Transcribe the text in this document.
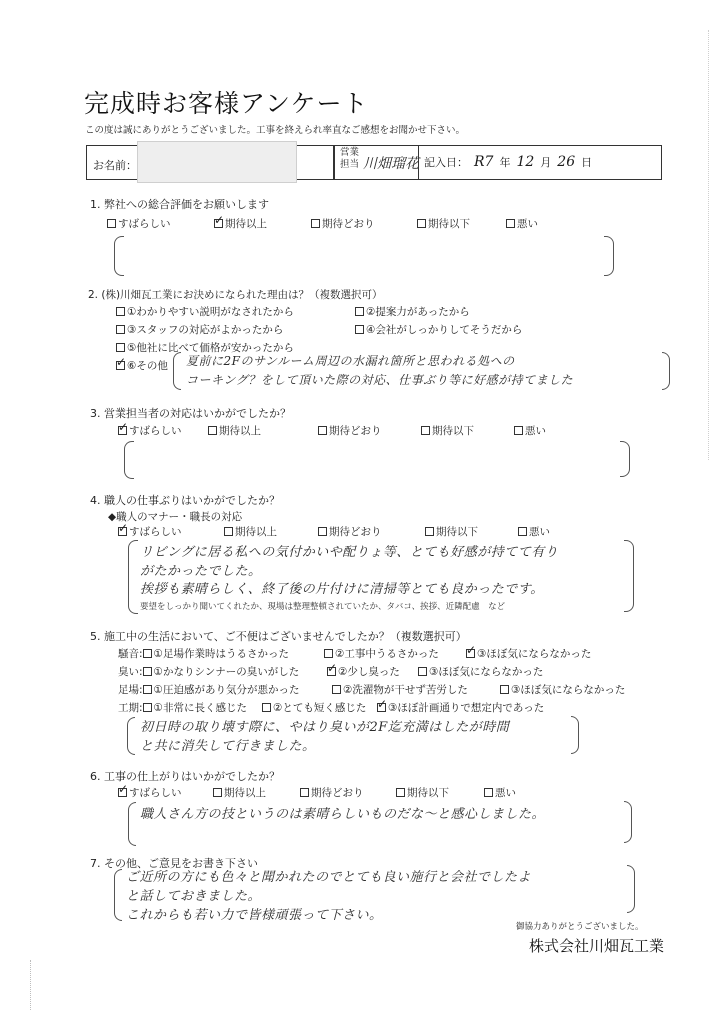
完成時お客様アンケート
この度は誠にありがとうございました。工事を終えられ率直なご感想をお聞かせ下さい。
お名前：
営業担当 川畑瑠花 記入日： R7 年 12 月 26 日
1. 弊社への総合評価をお願いします
すばらしい ✓	期待以上	期待どおり	期待以下	悪い
2. (株)川畑瓦工業にお決めになられた理由は？（複数選択可）
①わかりやすい説明がなされたから	②提案力があったから
③スタッフの対応がよかったから	④会社がしっかりしてそうだから
⑤他社に比べて価格が安かったから
✓⑥その他 夏前に2Fのサンルーム周辺の水漏れ箇所と思われる処への
コーキング？をして頂いた際の対応、仕事ぶり等に好感が持てました
3. 営業担当者の対応はいかがでしたか？
✓すばらしい	期待以上	期待どおり	期待以下	悪い
4. 職人の仕事ぶりはいかがでしたか？
◆職人のマナー・職長の対応
✓すばらしい	期待以上	期待どおり	期待以下	悪い
リビングに居る私への気付かいや配りょ等、とても好感が持てて有り
がたかったでした。
挨拶も素晴らしく、終了後の片付けに清掃等とても良かったです。
要望をしっかり聞いてくれたか、現場は整理整頓されていたか、タバコ、挨拶、近隣配慮　など
5. 施工中の生活において、ご不便はございませんでしたか？（複数選択可）
騒音: ①足場作業時はうるさかった	②工事中うるさかった ✓	③ほぼ気にならなかった
臭い: ①かなりシンナーの臭いがした ✓	②少し臭った	③ほぼ気にならなかった
足場: ①圧迫感があり気分が悪かった	②洗濯物が干せず苦労した	③ほぼ気にならなかった
工期: ①非常に長く感じた	②とても短く感じた ✓	③ほぼ計画通りで想定内であった
初日時の取り壊す際に、やはり臭いが2F迄充満はしたが時間
と共に消失して行きました。
6. 工事の仕上がりはいかがでしたか？
✓すばらしい	期待以上	期待どおり	期待以下	悪い
職人さん方の技というのは素晴らしいものだな〜と感心しました。
7. その他、ご意見をお書き下さい
ご近所の方にも色々と聞かれたのでとても良い施行と会社でしたよ
と話しておきました。
これからも若い力で皆様頑張って下さい。
御協力ありがとうございました。
株式会社川畑瓦工業
